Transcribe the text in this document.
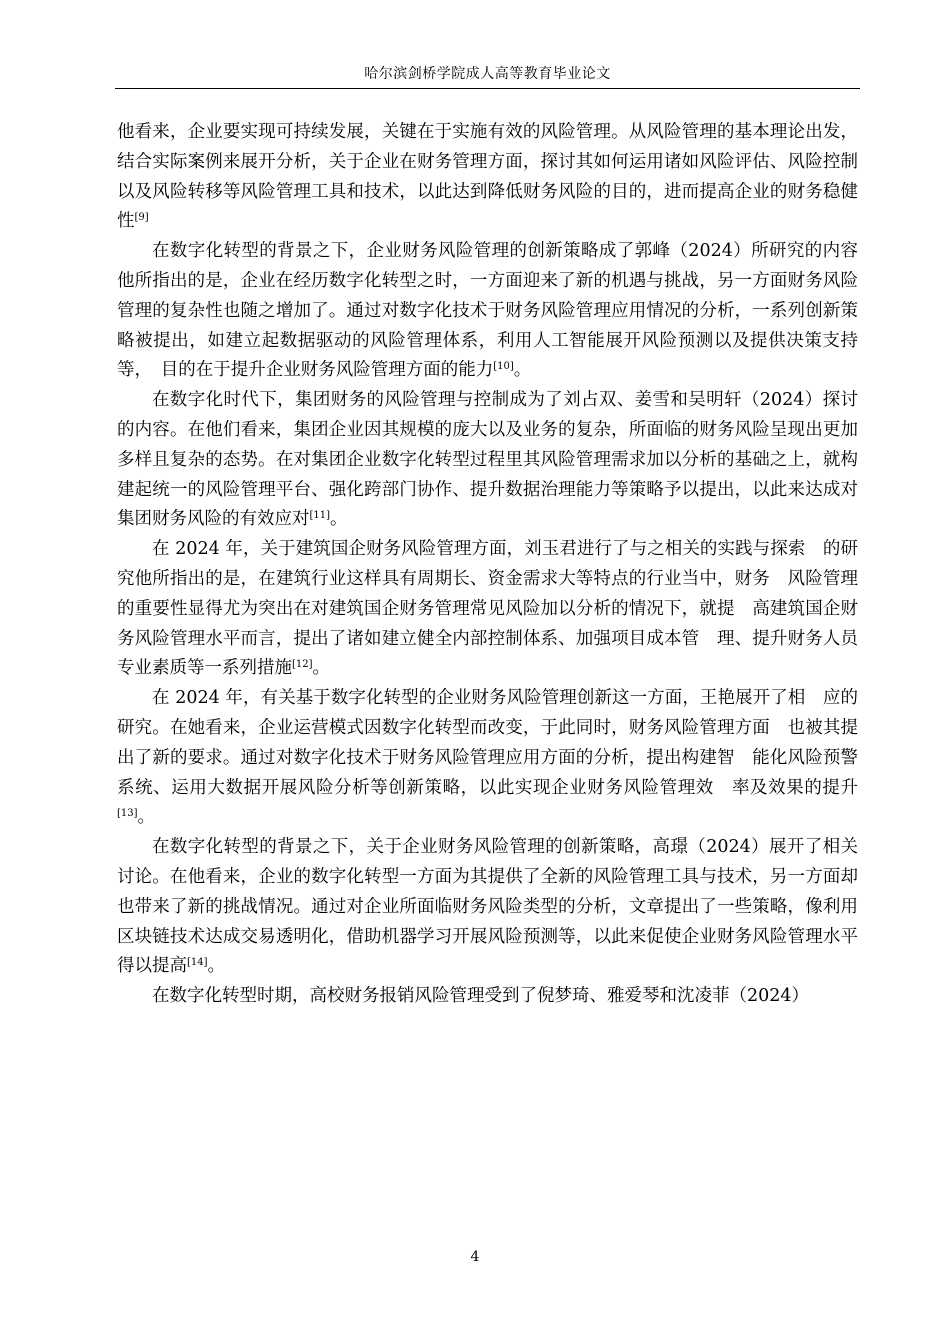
哈尔滨剑桥学院成人高等教育毕业论文

他看来，企业要实现可持续发展，关键在于实施有效的风险管理。从风险管理的基本理论出发，结合实际案例来展开分析，关于企业在财务管理方面，探讨其如何运用诸如风险评估、风险控制以及风险转移等风险管理工具和技术，以此达到降低财务风险的目的，进而提高企业的财务稳健性[9]

在数字化转型的背景之下，企业财务风险管理的创新策略成了郭峰（2024）所研究的内容他所指出的是，企业在经历数字化转型之时，一方面迎来了新的机遇与挑战，另一方面财务风险管理的复杂性也随之增加了。通过对数字化技术于财务风险管理应用情况的分析，一系列创新策略被提出，如建立起数据驱动的风险管理体系，利用人工智能展开风险预测以及提供决策支持等，　目的在于提升企业财务风险管理方面的能力[10]。

在数字化时代下，集团财务的风险管理与控制成为了刘占双、姜雪和吴明轩（2024）探讨的内容。在他们看来，集团企业因其规模的庞大以及业务的复杂，所面临的财务风险呈现出更加多样且复杂的态势。在对集团企业数字化转型过程里其风险管理需求加以分析的基础之上，就构建起统一的风险管理平台、强化跨部门协作、提升数据治理能力等策略予以提出，以此来达成对集团财务风险的有效应对[11]。

在 2024 年，关于建筑国企财务风险管理方面，刘玉君进行了与之相关的实践与探索　的研究他所指出的是，在建筑行业这样具有周期长、资金需求大等特点的行业当中，财务　风险管理的重要性显得尤为突出在对建筑国企财务管理常见风险加以分析的情况下，就提　高建筑国企财务风险管理水平而言，提出了诸如建立健全内部控制体系、加强项目成本管　理、提升财务人员专业素质等一系列措施[12]。

在 2024 年，有关基于数字化转型的企业财务风险管理创新这一方面，王艳展开了相　应的研究。在她看来，企业运营模式因数字化转型而改变，于此同时，财务风险管理方面　也被其提出了新的要求。通过对数字化技术于财务风险管理应用方面的分析，提出构建智　能化风险预警系统、运用大数据开展风险分析等创新策略，以此实现企业财务风险管理效　率及效果的提升[13]。

在数字化转型的背景之下，关于企业财务风险管理的创新策略，高璟（2024）展开了相关讨论。在他看来，企业的数字化转型一方面为其提供了全新的风险管理工具与技术，另一方面却也带来了新的挑战情况。通过对企业所面临财务风险类型的分析，文章提出了一些策略，像利用区块链技术达成交易透明化，借助机器学习开展风险预测等，以此来促使企业财务风险管理水平得以提高[14]。

在数字化转型时期，高校财务报销风险管理受到了倪梦琦、雅爱琴和沈凌菲（2024）

4
